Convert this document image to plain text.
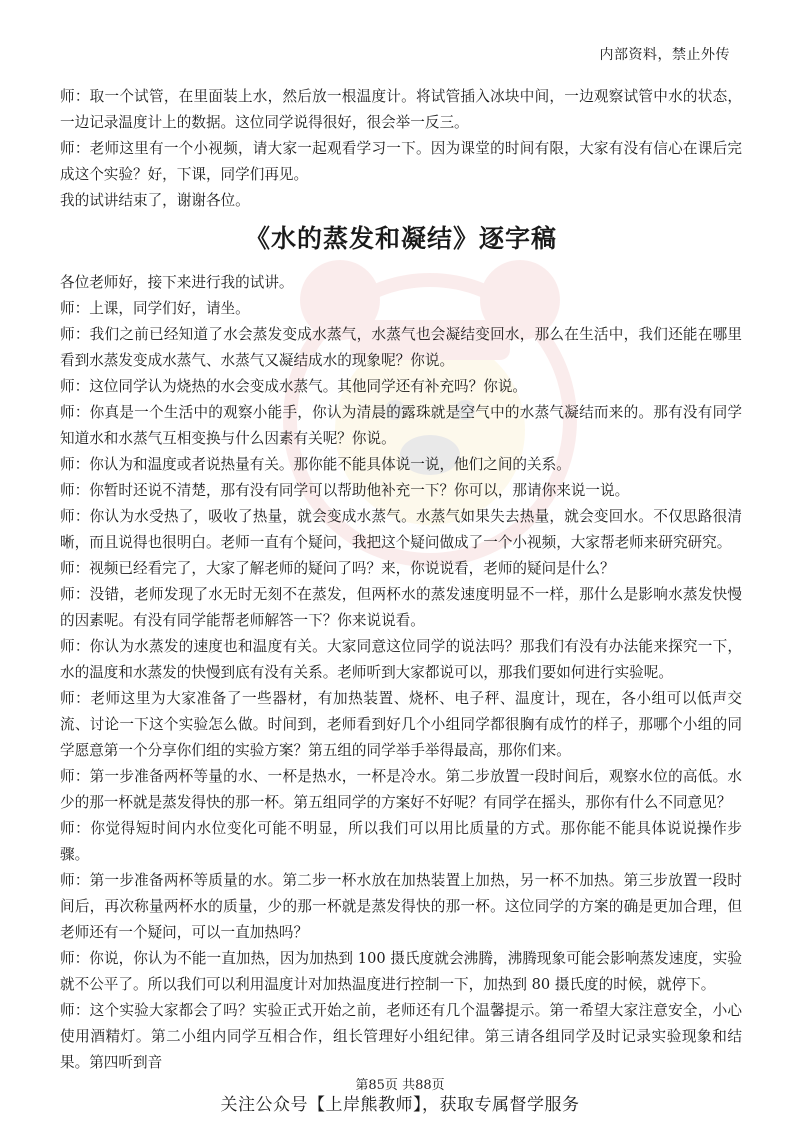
内部资料，禁止外传

师：取一个试管，在里面装上水，然后放一根温度计。将试管插入冰块中间，一边观察试管中水的状态，一边记录温度计上的数据。这位同学说得很好，很会举一反三。

师：老师这里有一个小视频，请大家一起观看学习一下。因为课堂的时间有限，大家有没有信心在课后完成这个实验？好，下课，同学们再见。

我的试讲结束了，谢谢各位。

《水的蒸发和凝结》逐字稿

各位老师好，接下来进行我的试讲。

师：上课，同学们好，请坐。

师：我们之前已经知道了水会蒸发变成水蒸气，水蒸气也会凝结变回水，那么在生活中，我们还能在哪里看到水蒸发变成水蒸气、水蒸气又凝结成水的现象呢？你说。

师：这位同学认为烧热的水会变成水蒸气。其他同学还有补充吗？你说。

师：你真是一个生活中的观察小能手，你认为清晨的露珠就是空气中的水蒸气凝结而来的。那有没有同学知道水和水蒸气互相变换与什么因素有关呢？你说。

师：你认为和温度或者说热量有关。那你能不能具体说一说，他们之间的关系。

师：你暂时还说不清楚，那有没有同学可以帮助他补充一下？你可以，那请你来说一说。

师：你认为水受热了，吸收了热量，就会变成水蒸气。水蒸气如果失去热量，就会变回水。不仅思路很清晰，而且说得也很明白。老师一直有个疑问，我把这个疑问做成了一个小视频，大家帮老师来研究研究。

师：视频已经看完了，大家了解老师的疑问了吗？来，你说说看，老师的疑问是什么？

师：没错，老师发现了水无时无刻不在蒸发，但两杯水的蒸发速度明显不一样，那什么是影响水蒸发快慢的因素呢。有没有同学能帮老师解答一下？你来说说看。

师：你认为水蒸发的速度也和温度有关。大家同意这位同学的说法吗？那我们有没有办法能来探究一下，水的温度和水蒸发的快慢到底有没有关系。老师听到大家都说可以，那我们要如何进行实验呢。

师：老师这里为大家准备了一些器材，有加热装置、烧杯、电子秤、温度计，现在，各小组可以低声交流、讨论一下这个实验怎么做。时间到，老师看到好几个小组同学都很胸有成竹的样子，那哪个小组的同学愿意第一个分享你们组的实验方案？第五组的同学举手举得最高，那你们来。

师：第一步准备两杯等量的水、一杯是热水，一杯是冷水。第二步放置一段时间后，观察水位的高低。水少的那一杯就是蒸发得快的那一杯。第五组同学的方案好不好呢？有同学在摇头，那你有什么不同意见？

师：你觉得短时间内水位变化可能不明显，所以我们可以用比质量的方式。那你能不能具体说说操作步骤。

师：第一步准备两杯等质量的水。第二步一杯水放在加热装置上加热，另一杯不加热。第三步放置一段时间后，再次称量两杯水的质量，少的那一杯就是蒸发得快的那一杯。这位同学的方案的确是更加合理，但老师还有一个疑问，可以一直加热吗？

师：你说，你认为不能一直加热，因为加热到 100 摄氏度就会沸腾，沸腾现象可能会影响蒸发速度，实验就不公平了。所以我们可以利用温度计对加热温度进行控制一下，加热到 80 摄氏度的时候，就停下。

师：这个实验大家都会了吗？实验正式开始之前，老师还有几个温馨提示。第一希望大家注意安全，小心使用酒精灯。第二小组内同学互相合作，组长管理好小组纪律。第三请各组同学及时记录实验现象和结果。第四听到音

第85页 共88页
关注公众号【上岸熊教师】，获取专属督学服务
